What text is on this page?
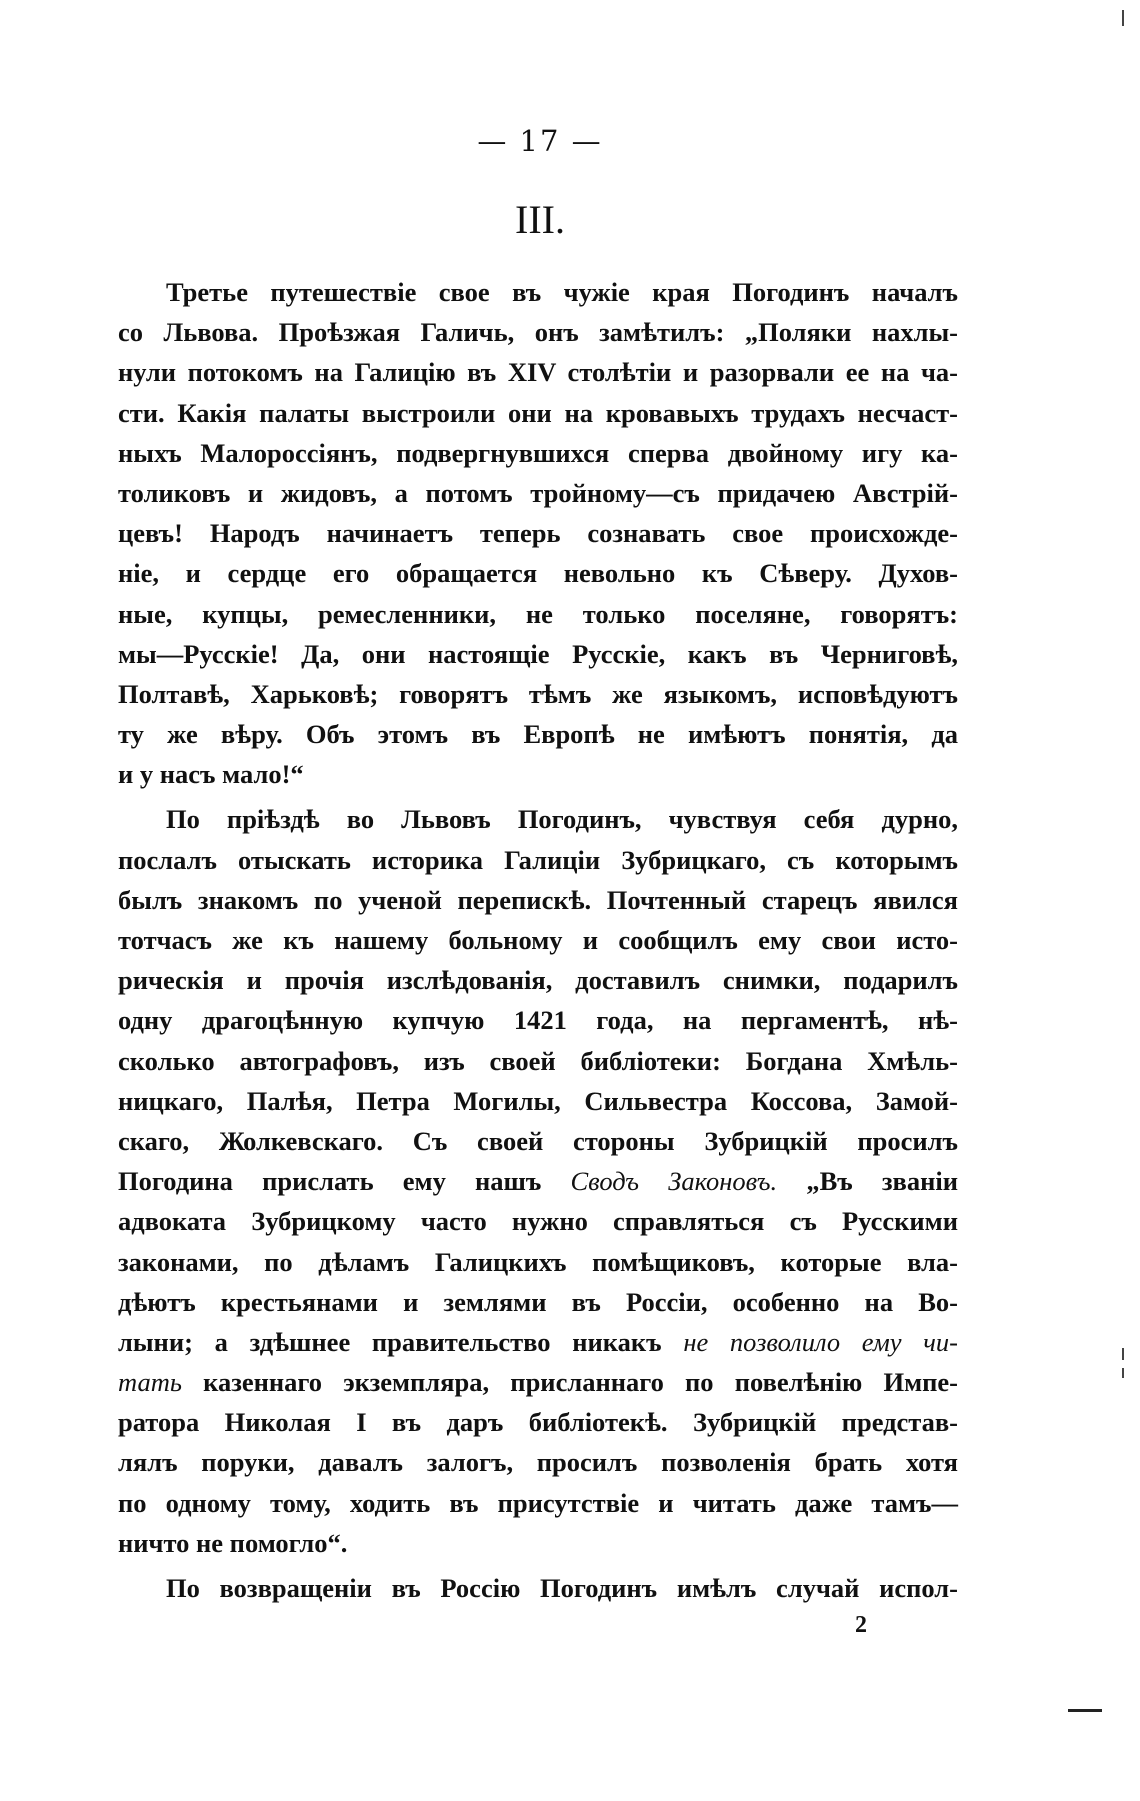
— 17 —
III.
Третье путешествіе свое въ чужіе края Погодинъ началъ
со Львова. Проѣзжая Галичь, онъ замѣтилъ: „Поляки нахлы-
нули потокомъ на Галицію въ XIV столѣтіи и разорвали ее на ча-
сти. Какія палаты выстроили они на кровавыхъ трудахъ несчаст-
ныхъ Малороссіянъ, подвергнувшихся сперва двойному игу ка-
толиковъ и жидовъ, а потомъ тройному—съ придачею Австрій-
цевъ! Народъ начинаетъ теперь сознавать свое происхожде-
ніе, и сердце его обращается невольно къ Сѣверу. Духов-
ные, купцы, ремесленники, не только поселяне, говорятъ:
мы—Русскіе! Да, они настоящіе Русскіе, какъ въ Черниговѣ,
Полтавѣ, Харьковѣ; говорятъ тѣмъ же языкомъ, исповѣдуютъ
ту же вѣру. Объ этомъ въ Европѣ не имѣютъ понятія, да
и у насъ мало!“
По пріѣздѣ во Львовъ Погодинъ, чувствуя себя дурно,
послалъ отыскать историка Галиціи Зубрицкаго, съ которымъ
былъ знакомъ по ученой перепискѣ. Почтенный старецъ явился
тотчасъ же къ нашему больному и сообщилъ ему свои исто-
рическія и прочія изслѣдованія, доставилъ снимки, подарилъ
одну драгоцѣнную купчую 1421 года, на пергаментѣ, нѣ-
сколько автографовъ, изъ своей библіотеки: Богдана Хмѣль-
ницкаго, Палѣя, Петра Могилы, Сильвестра Коссова, Замой-
скаго, Жолкевскаго. Съ своей стороны Зубрицкій просилъ
Погодина прислать ему нашъ Сводъ Законовъ. „Въ званіи
адвоката Зубрицкому часто нужно справляться съ Русскими
законами, по дѣламъ Галицкихъ помѣщиковъ, которые вла-
дѣютъ крестьянами и землями въ Россіи, особенно на Во-
лыни; а здѣшнее правительство никакъ не позволило ему чи-
тать казеннаго экземпляра, присланнаго по повелѣнію Импе-
ратора Николая I въ даръ библіотекѣ. Зубрицкій представ-
лялъ поруки, давалъ залогъ, просилъ позволенія брать хотя
по одному тому, ходить въ присутствіе и читать даже тамъ—
ничто не помогло“.
По возвращеніи въ Россію Погодинъ имѣлъ случай испол-
2
